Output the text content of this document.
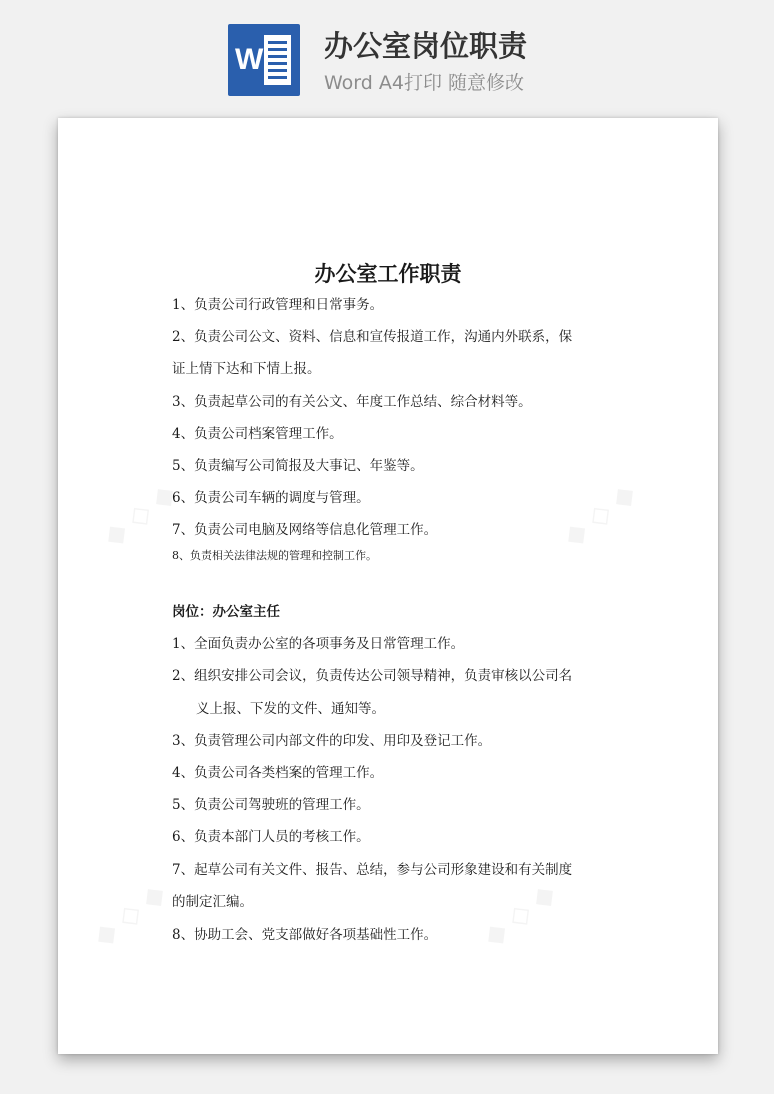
W 办公室岗位职责
Word A4打印 随意修改
办公室工作职责
1、负责公司行政管理和日常事务。
2、负责公司公文、资料、信息和宣传报道工作，沟通内外联系，保
证上情下达和下情上报。
3、负责起草公司的有关公文、年度工作总结、综合材料等。
4、负责公司档案管理工作。
5、负责编写公司简报及大事记、年鉴等。
6、负责公司车辆的调度与管理。
7、负责公司电脑及网络等信息化管理工作。
8、负责相关法律法规的管理和控制工作。
岗位：办公室主任
1、全面负责办公室的各项事务及日常管理工作。
2、组织安排公司会议，负责传达公司领导精神，负责审核以公司名
义上报、下发的文件、通知等。
3、负责管理公司内部文件的印发、用印及登记工作。
4、负责公司各类档案的管理工作。
5、负责公司驾驶班的管理工作。
6、负责本部门人员的考核工作。
7、起草公司有关文件、报告、总结，参与公司形象建设和有关制度
的制定汇编。
8、协助工会、党支部做好各项基础性工作。
